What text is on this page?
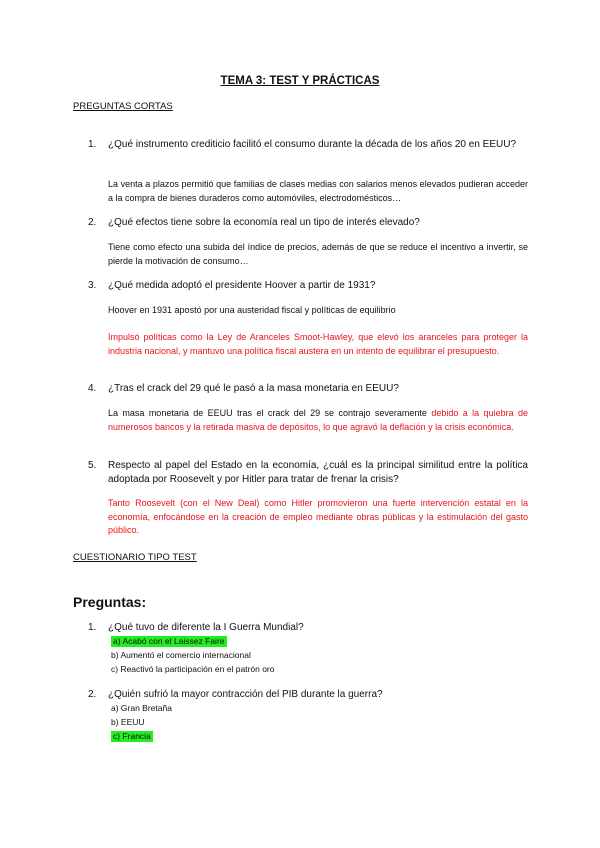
TEMA 3: TEST Y PRÁCTICAS
PREGUNTAS CORTAS
1. ¿Qué instrumento crediticio facilitó el consumo durante la década de los años 20 en EEUU?
La venta a plazos permitió que familias de clases medias con salarios menos elevados pudieran acceder a la compra de bienes duraderos como automóviles, electrodomésticos…
2. ¿Qué efectos tiene sobre la economía real un tipo de interés elevado?
Tiene como efecto una subida del índice de precios, además de que se reduce el incentivo a invertir, se pierde la motivación de consumo…
3. ¿Qué medida adoptó el presidente Hoover a partir de 1931?
Hoover en 1931 apostó por una austeridad fiscal y políticas de equilibrio
Impulsó políticas como la Ley de Aranceles Smoot-Hawley, que elevó los aranceles para proteger la industria nacional, y mantuvo una política fiscal austera en un intento de equilibrar el presupuesto.
4. ¿Tras el crack del 29 qué le pasó a la masa monetaria en EEUU?
La masa monetaria de EEUU tras el crack del 29 se contrajo severamente debido a la quiebra de numerosos bancos y la retirada masiva de depósitos, lo que agravó la deflación y la crisis económica.
5. Respecto al papel del Estado en la economía, ¿cuál es la principal similitud entre la política adoptada por Roosevelt y por Hitler para tratar de frenar la crisis?
Tanto Roosevelt (con el New Deal) como Hitler promovieron una fuerte intervención estatal en la economía, enfocándose en la creación de empleo mediante obras públicas y la estimulación del gasto público.
CUESTIONARIO TIPO TEST
Preguntas:
1. ¿Qué tuvo de diferente la I Guerra Mundial?
a) Acabó con el Laissez Faire
b) Aumentó el comercio internacional
c) Reactivó la participación en el patrón oro
2. ¿Quién sufrió la mayor contracción del PIB durante la guerra?
a) Gran Bretaña
b) EEUU
c) Francia
